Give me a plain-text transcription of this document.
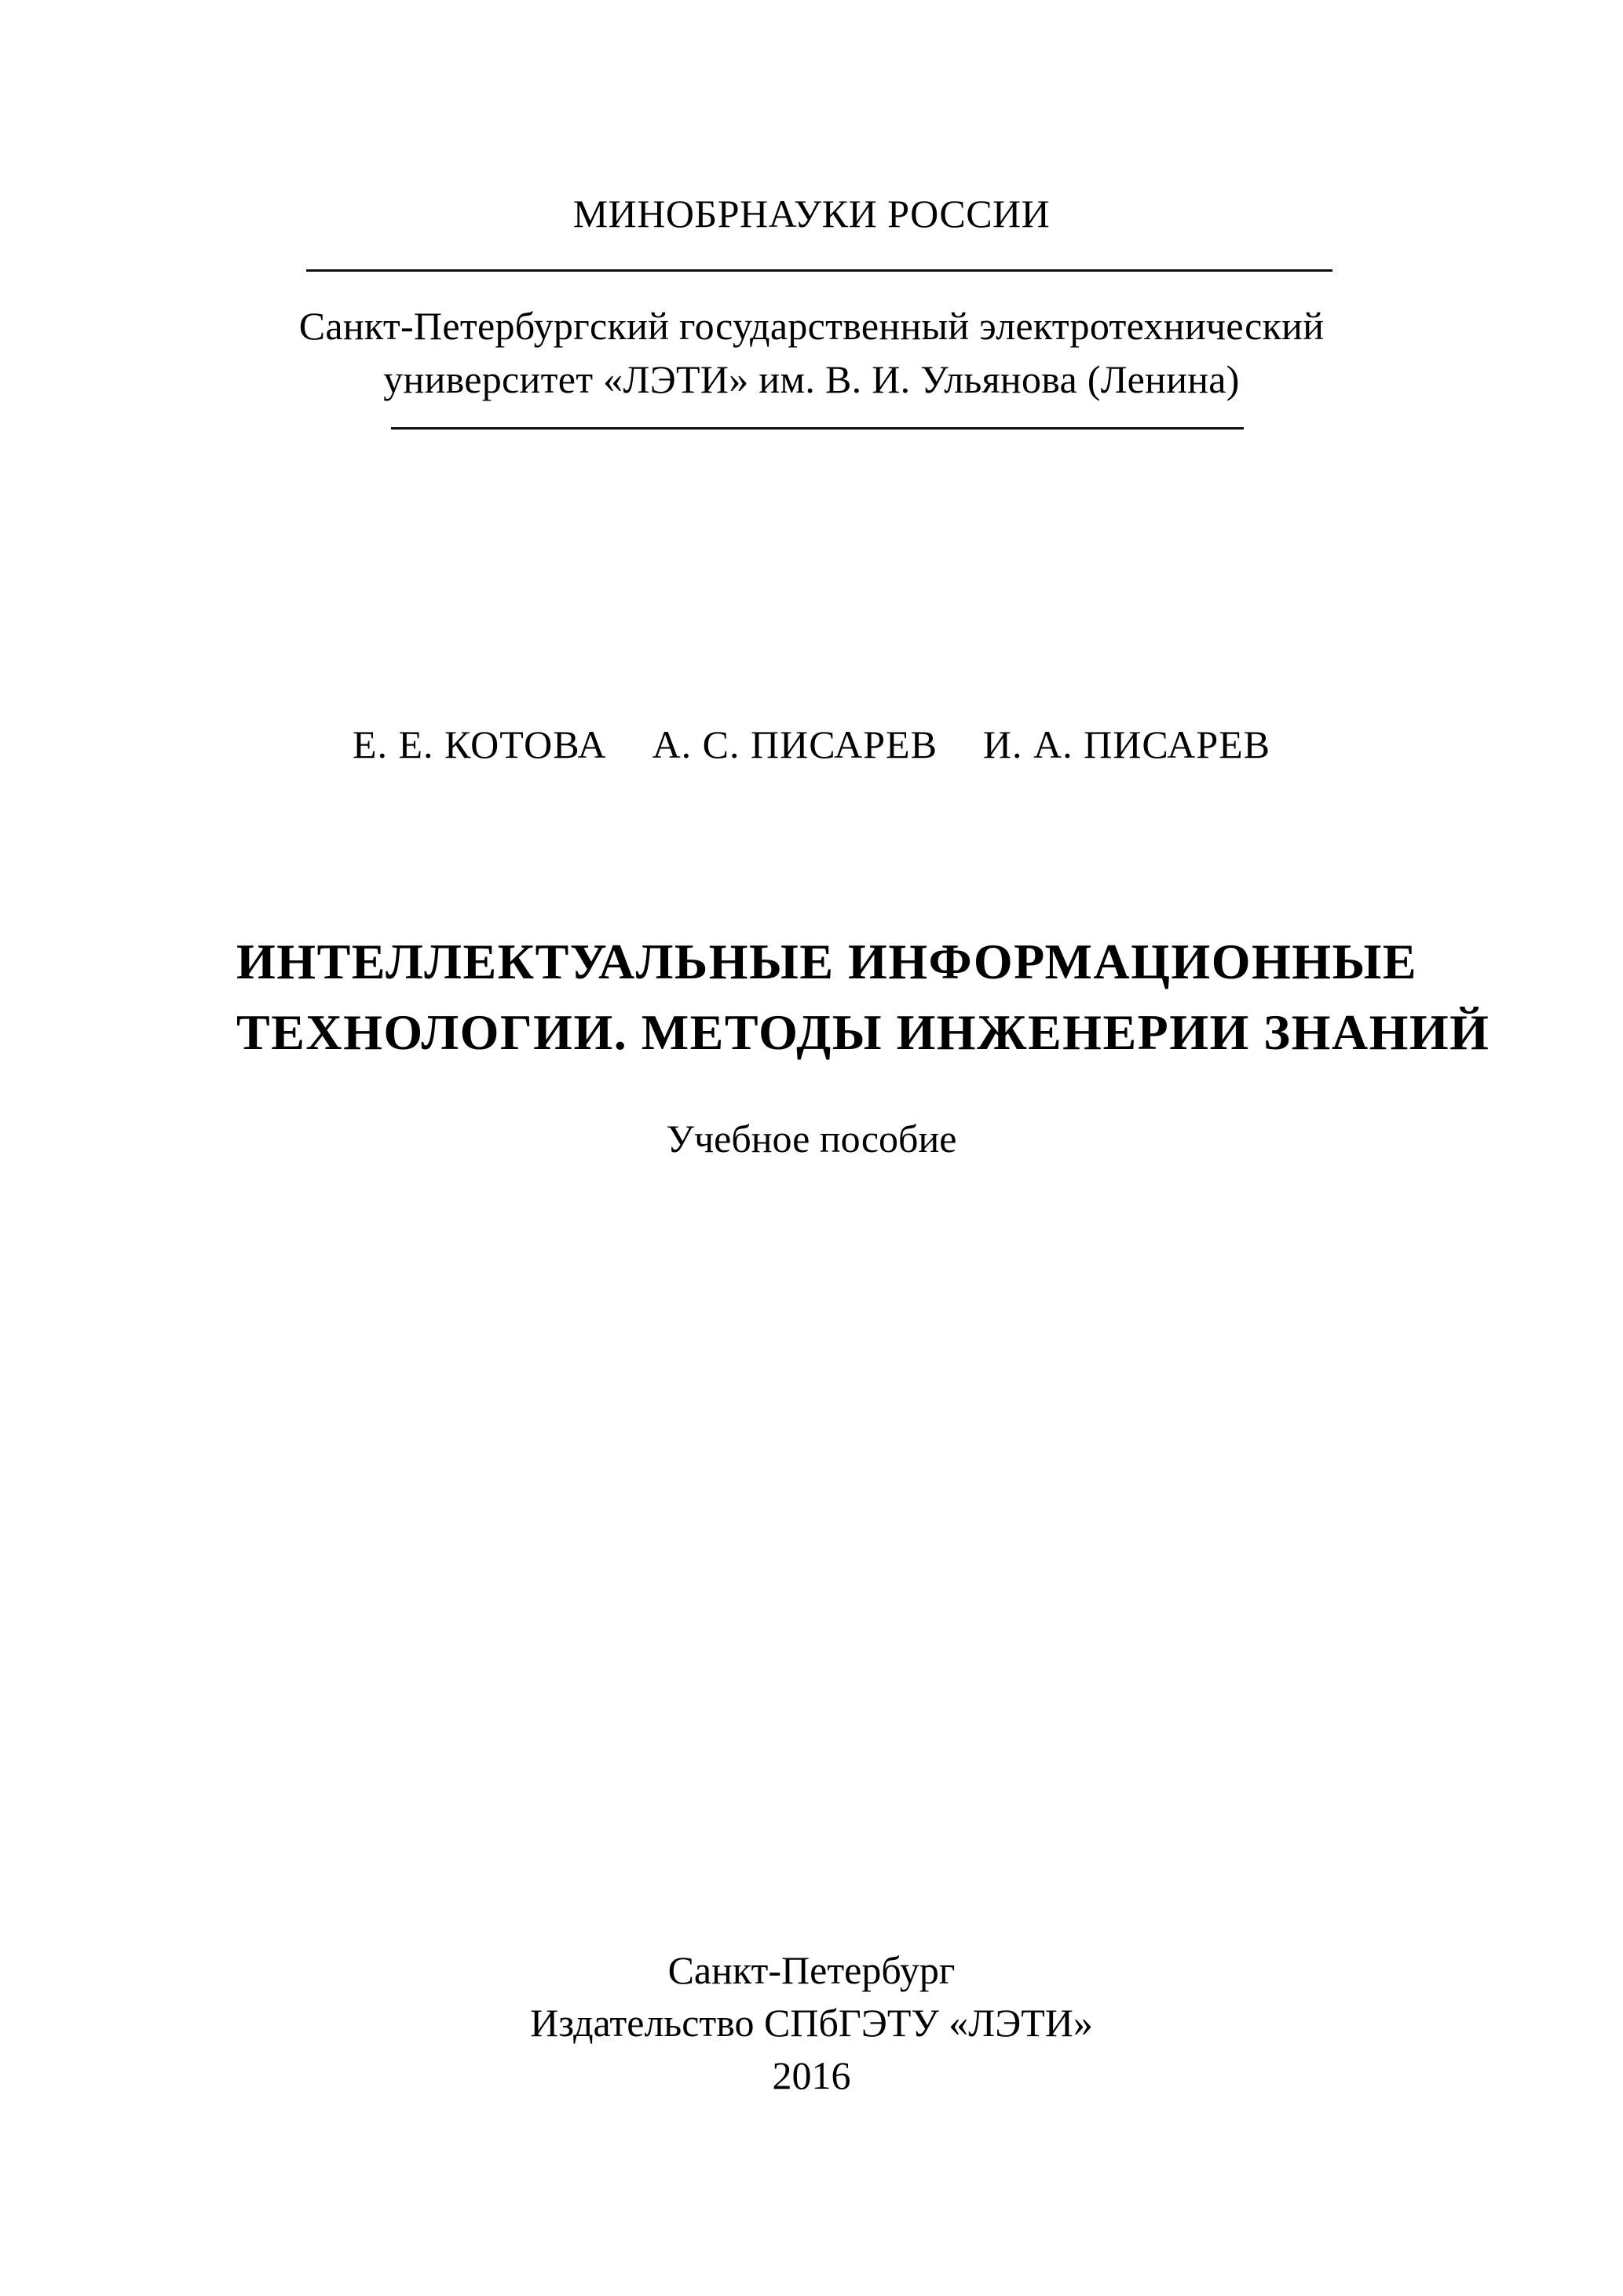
МИНОБРНАУКИ РОССИИ
Санкт-Петербургский государственный электротехнический
университет «ЛЭТИ» им. В. И. Ульянова (Ленина)
Е. Е. КОТОВА А. С. ПИСАРЕВ И. А. ПИСАРЕВ
ИНТЕЛЛЕКТУАЛЬНЫЕ ИНФОРМАЦИОННЫЕ
ТЕХНОЛОГИИ. МЕТОДЫ ИНЖЕНЕРИИ ЗНАНИЙ
Учебное пособие
Санкт-Петербург
Издательство СПбГЭТУ «ЛЭТИ»
2016
